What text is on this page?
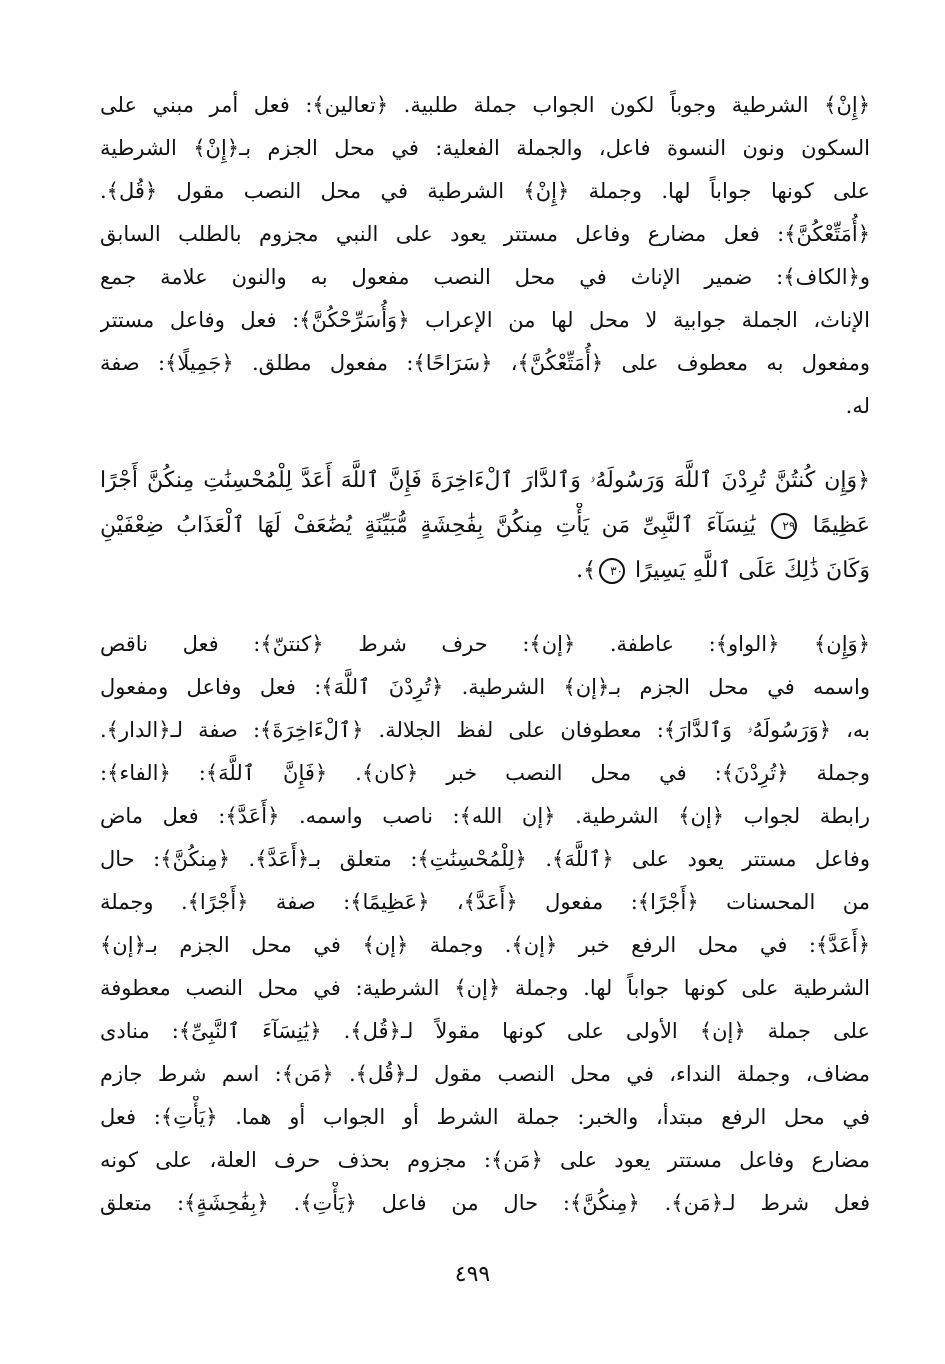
﴿إِنْ﴾ الشرطية وجوباً لكون الجواب جملة طلبية. ﴿تعالين﴾: فعل أمر مبني على
السكون ونون النسوة فاعل، والجملة الفعلية: في محل الجزم بـ﴿إِنْ﴾ الشرطية
على كونها جواباً لها. وجملة ﴿إِنْ﴾ الشرطية في محل النصب مقول ﴿قُل﴾.
﴿أُمَتِّعْكُنَّ﴾: فعل مضارع وفاعل مستتر يعود على النبي مجزوم بالطلب السابق
و﴿الكاف﴾: ضمير الإناث في محل النصب مفعول به والنون علامة جمع
الإناث، الجملة جوابية لا محل لها من الإعراب ﴿وَأُسَرِّحْكُنَّ﴾: فعل وفاعل مستتر
ومفعول به معطوف على ﴿أُمَتِّعْكُنَّ﴾، ﴿سَرَاحًا﴾: مفعول مطلق. ﴿جَمِيلًا﴾: صفة
له.
﴿وَإِن كُنتُنَّ تُرِدْنَ ٱللَّهَ وَرَسُولَهُۥ وَٱلدَّارَ ٱلْءَاخِرَةَ فَإِنَّ ٱللَّهَ أَعَدَّ لِلْمُحْسِنَٰتِ مِنكُنَّ أَجْرًا
عَظِيمًا ٢٩ يَٰنِسَآءَ ٱلنَّبِىِّ مَن يَأْتِ مِنكُنَّ بِفَٰحِشَةٍ مُّبَيِّنَةٍ يُضَٰعَفْ لَهَا ٱلْعَذَابُ ضِعْفَيْنِ
وَكَانَ ذَٰلِكَ عَلَى ٱللَّهِ يَسِيرًا ٣٠﴾.
﴿وَإِن﴾ ﴿الواو﴾: عاطفة. ﴿إن﴾: حرف شرط ﴿كنتنّ﴾: فعل ناقص
واسمه في محل الجزم بـ﴿إن﴾ الشرطية. ﴿تُرِدْنَ ٱللَّهَ﴾: فعل وفاعل ومفعول
به، ﴿وَرَسُولَهُۥ وَٱلدَّارَ﴾: معطوفان على لفظ الجلالة. ﴿ٱلْءَاخِرَةَ﴾: صفة لـ﴿الدار﴾.
وجملة ﴿تُرِدْنَ﴾: في محل النصب خبر ﴿كان﴾. ﴿فَإِنَّ ٱللَّهَ﴾: ﴿الفاء﴾:
رابطة لجواب ﴿إن﴾ الشرطية. ﴿إن الله﴾: ناصب واسمه. ﴿أَعَدَّ﴾: فعل ماض
وفاعل مستتر يعود على ﴿ٱللَّهَ﴾. ﴿لِلْمُحْسِنَٰتِ﴾: متعلق بـ﴿أَعَدَّ﴾. ﴿مِنكُنَّ﴾: حال
من المحسنات ﴿أَجْرًا﴾: مفعول ﴿أَعَدَّ﴾، ﴿عَظِيمًا﴾: صفة ﴿أَجْرًا﴾. وجملة
﴿أَعَدَّ﴾: في محل الرفع خبر ﴿إن﴾. وجملة ﴿إن﴾ في محل الجزم بـ﴿إن﴾
الشرطية على كونها جواباً لها. وجملة ﴿إن﴾ الشرطية: في محل النصب معطوفة
على جملة ﴿إن﴾ الأولى على كونها مقولاً لـ﴿قُل﴾. ﴿يَٰنِسَآءَ ٱلنَّبِىِّ﴾: منادى
مضاف، وجملة النداء، في محل النصب مقول لـ﴿قُل﴾. ﴿مَن﴾: اسم شرط جازم
في محل الرفع مبتدأ، والخبر: جملة الشرط أو الجواب أو هما. ﴿يَأْتِ﴾: فعل
مضارع وفاعل مستتر يعود على ﴿مَن﴾: مجزوم بحذف حرف العلة، على كونه
فعل شرط لـ﴿مَن﴾. ﴿مِنكُنَّ﴾: حال من فاعل ﴿يَأْتِ﴾. ﴿بِفَٰحِشَةٍ﴾: متعلق
٤٩٩
